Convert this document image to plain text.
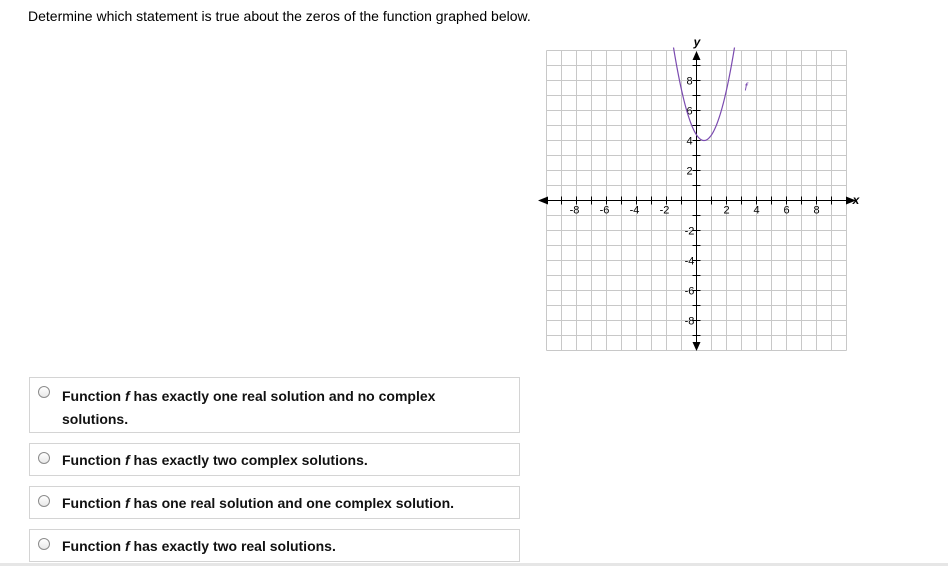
Determine which statement is true about the zeros of the function graphed below.
-8 -6 -4 -2	2 4 6 8
8
6
4
2
-2
-4
-6
-8
x
y
f
Function f has exactly one real solution and no complex solutions.
Function f has exactly two complex solutions.
Function f has one real solution and one complex solution.
Function f has exactly two real solutions.
